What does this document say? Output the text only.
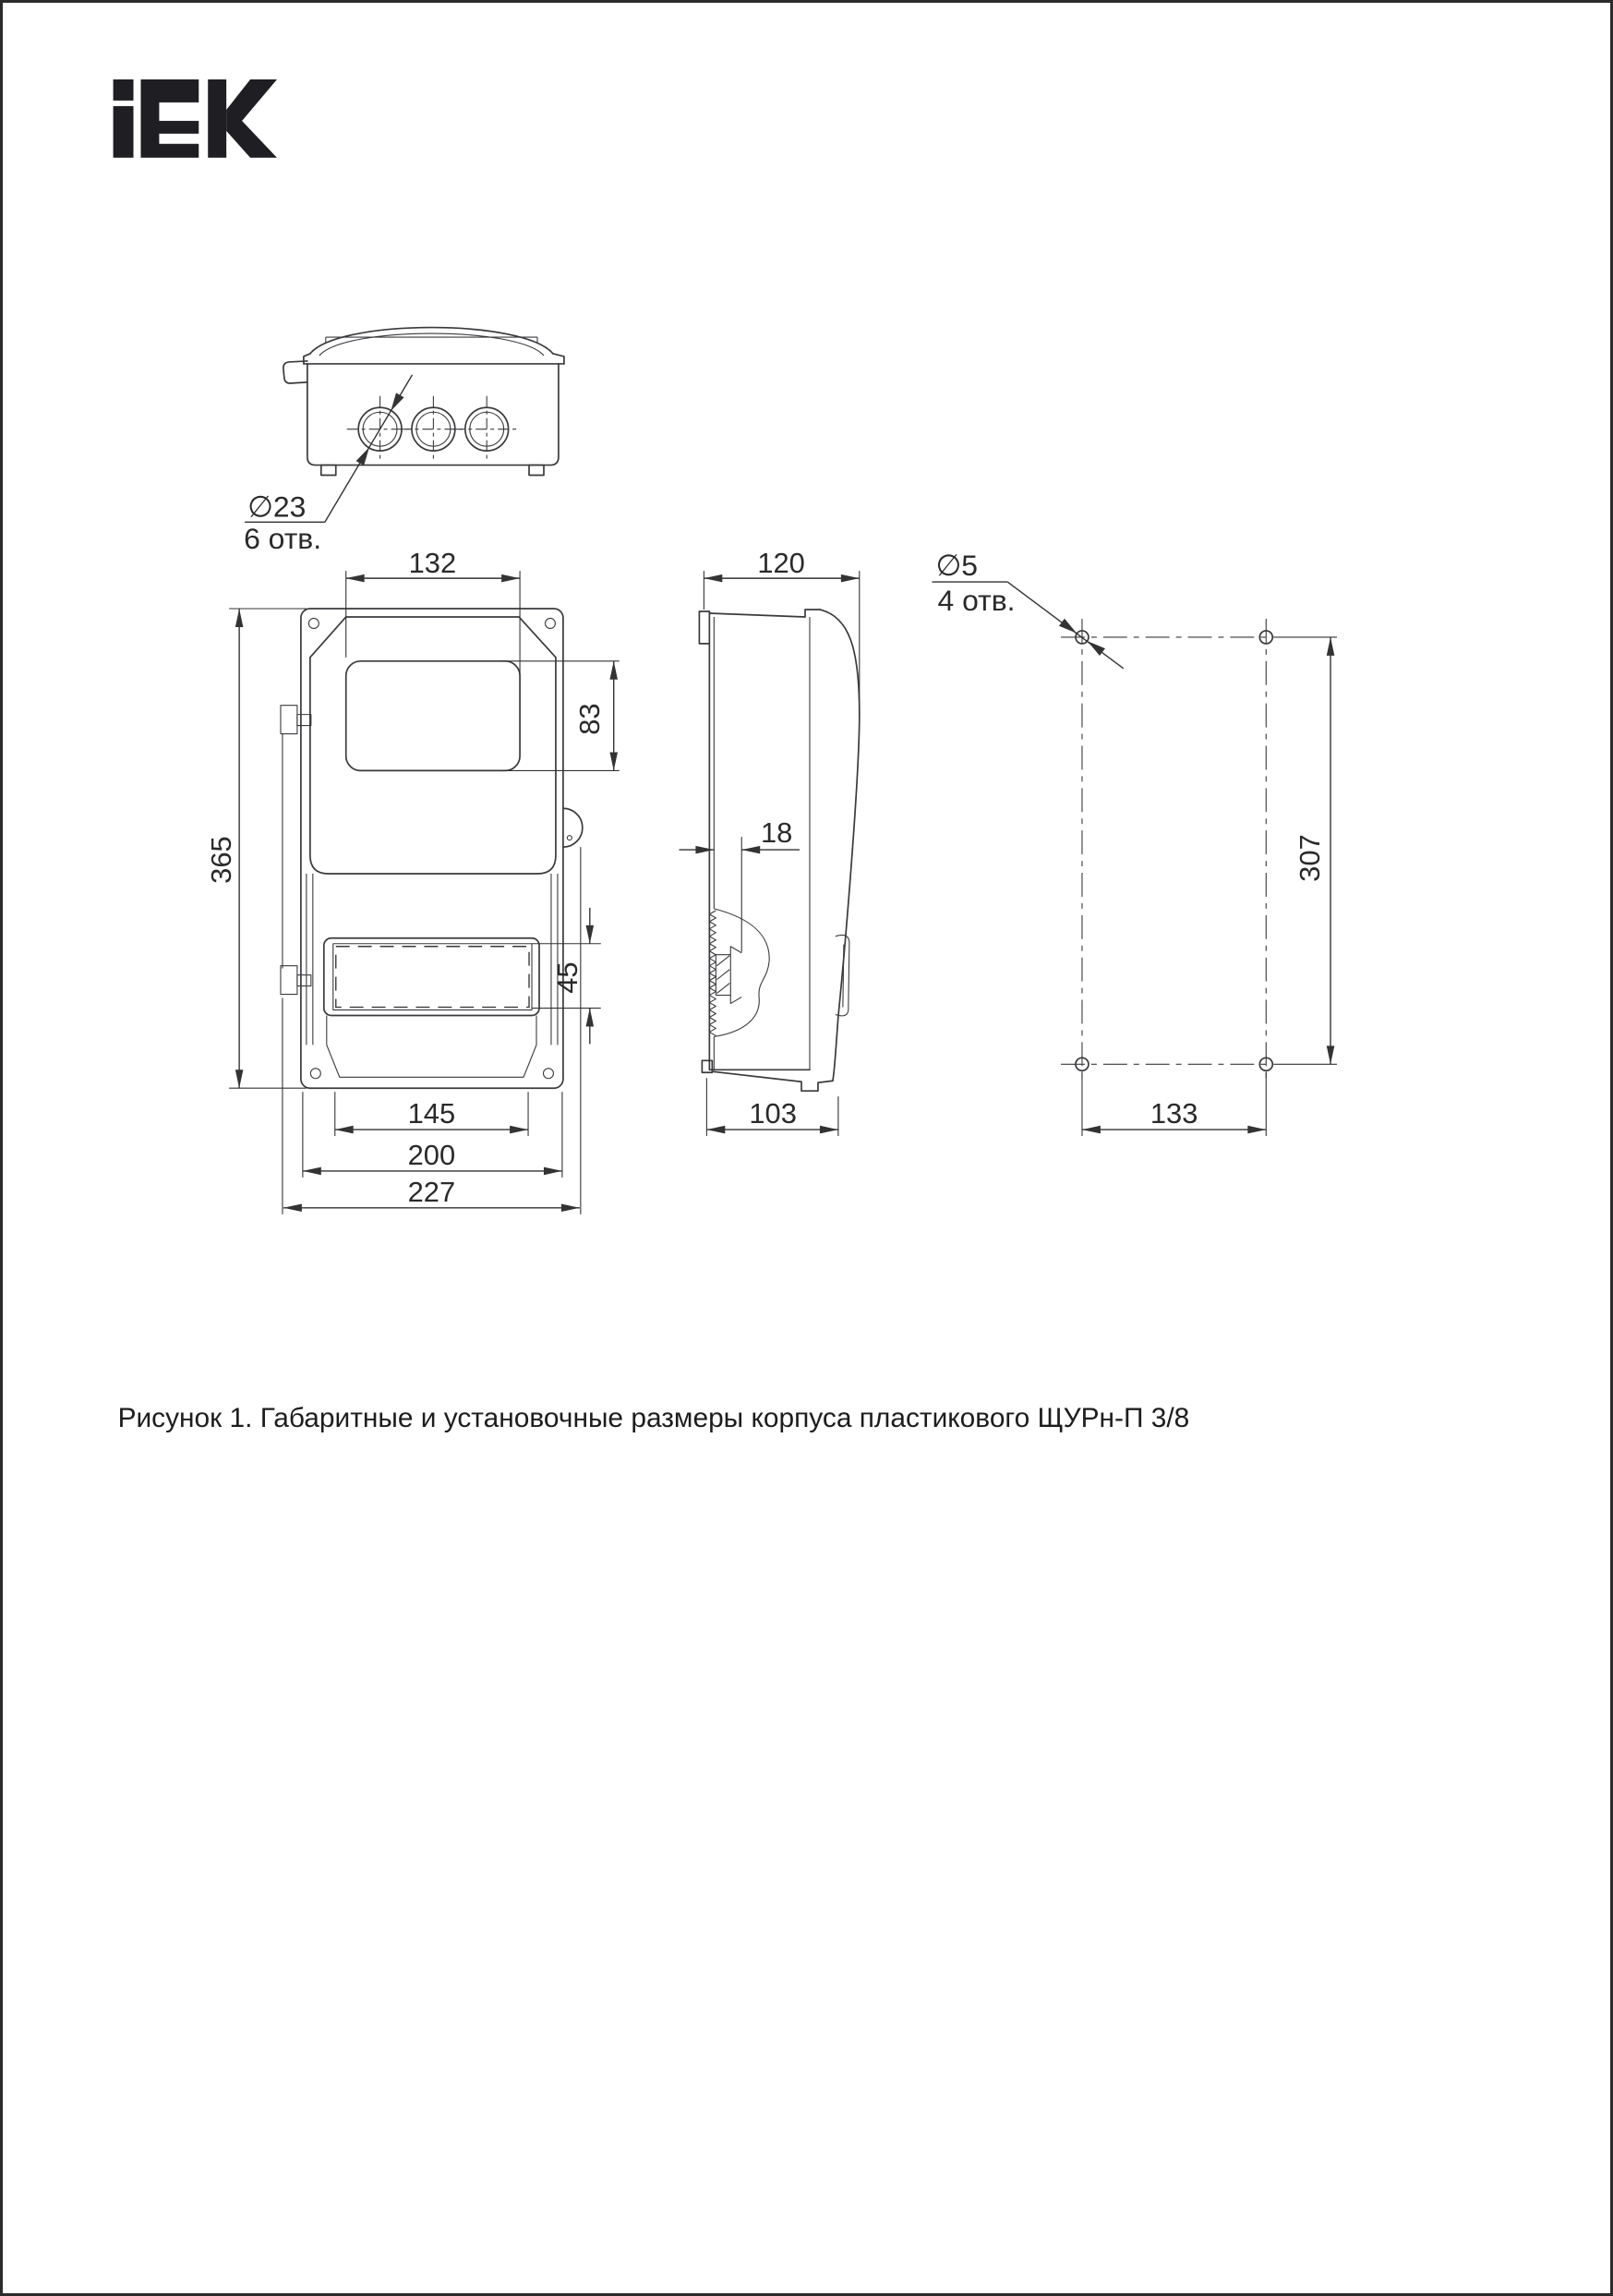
∅23
6 отв.
132
83
365
45
145
200
227
120
18
103
∅5
4 отв.
307
133
Рисунок 1. Габаритные и установочные размеры корпуса пластикового ЩУРн-П 3/8
